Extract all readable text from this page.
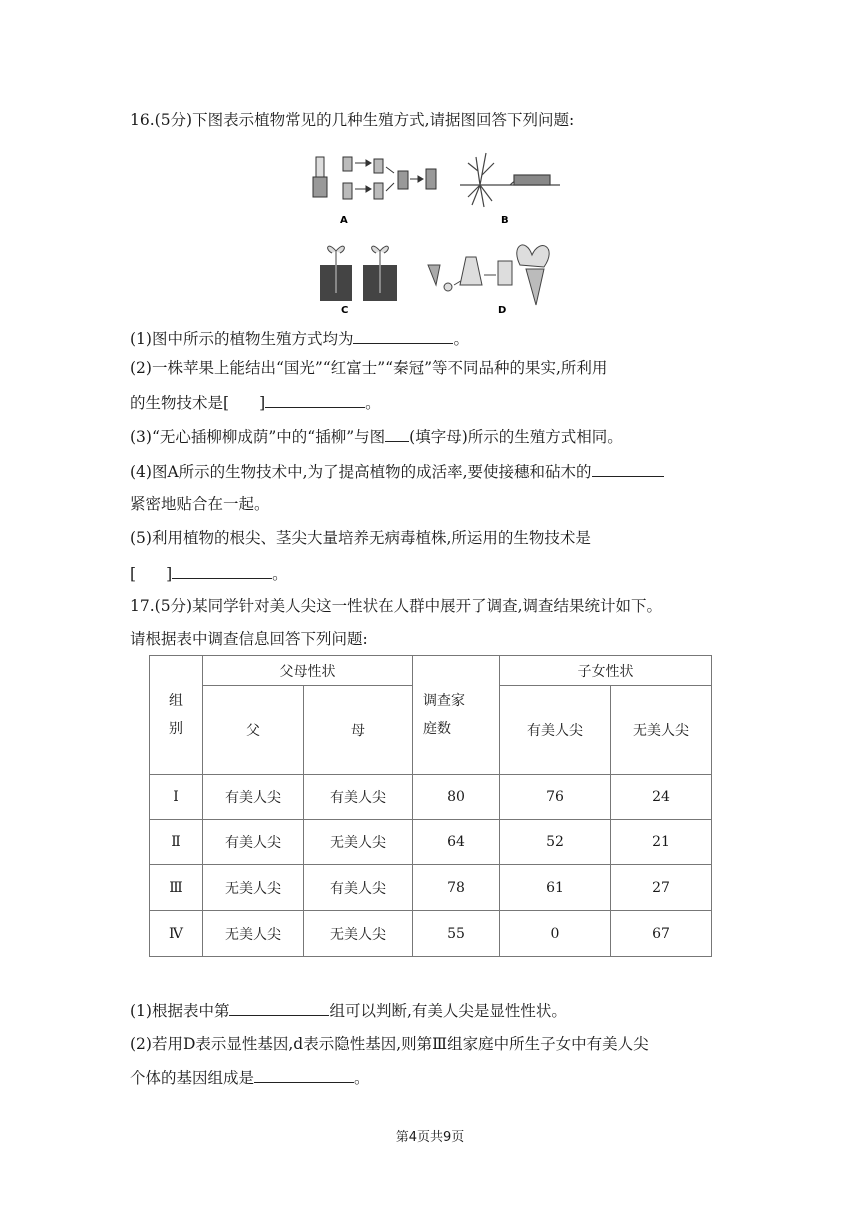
16.(5分)下图表示植物常见的几种生殖方式,请据图回答下列问题:
A	B
C	D
(1)图中所示的植物生殖方式均为	。
(2)一株苹果上能结出“国光”“红富士”“秦冠”等不同品种的果实,所利用
的生物技术是[ ]	。
(3)“无心插柳柳成荫”中的“插柳”与图 (填字母)所示的生殖方式相同。
(4)图A所示的生物技术中,为了提高植物的成活率,要使接穗和砧木的
紧密地贴合在一起。
(5)利用植物的根尖、茎尖大量培养无病毒植株,所运用的生物技术是
[ ]	。
17.(5分)某同学针对美人尖这一性状在人群中展开了调查,调查结果统计如下。
请根据表中调查信息回答下列问题:
组
别	父母性状		调查家
庭数	子女性状	
	父	母		有美人尖	无美人尖
Ⅰ	有美人尖	有美人尖	80	76	24
Ⅱ	有美人尖	无美人尖	64	52	21
Ⅲ	无美人尖	有美人尖	78	61	27
Ⅳ	无美人尖	无美人尖	55	0	67
(1)根据表中第	组可以判断,有美人尖是显性性状。
(2)若用D表示显性基因,d表示隐性基因,则第Ⅲ组家庭中所生子女中有美人尖
个体的基因组成是	。
第4页共9页
